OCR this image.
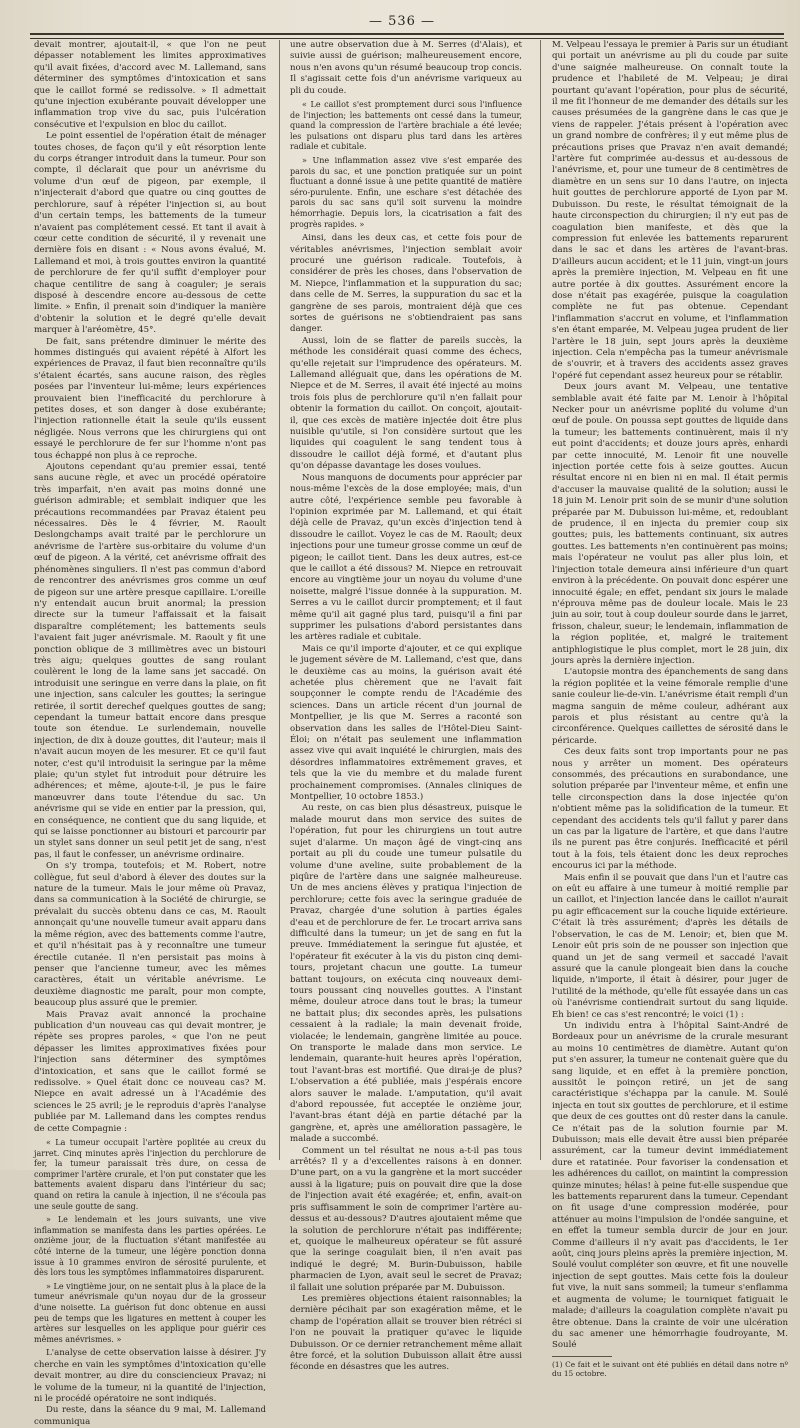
— 536 —

devait montrer, ajoutait-il, « que l'on ne peut dépasser notablement les limites approximatives qu'il avait fixées, d'accord avec M. Lallemand, sans déterminer des symptômes d'intoxication et sans que le caillot formé se redissolve. » Il admettait qu'une injection exubérante pouvait développer une inflammation trop vive du sac, puis l'ulcération consécutive et l'expulsion en bloc du caillot.

Le point essentiel de l'opération était de ménager toutes choses, de façon qu'il y eût résorption lente du corps étranger introduit dans la tumeur. Pour son compte, il déclarait que pour un anévrisme du volume d'un œuf de pigeon, par exemple, il n'injecterait d'abord que quatre ou cinq gouttes de perchlorure, sauf à répéter l'injection si, au bout d'un certain temps, les battements de la tumeur n'avaient pas complétement cessé. Et tant il avait à cœur cette condition de sécurité, il y revenait une dernière fois en disant : « Nous avons évalué, M. Lallemand et moi, à trois gouttes environ la quantité de perchlorure de fer qu'il suffit d'employer pour chaque centilitre de sang à coaguler; je serais disposé à descendre encore au-dessous de cette limite. » Enfin, il prenait soin d'indiquer la manière d'obtenir la solution et le degré qu'elle devait marquer à l'aréomètre, 45°.

De fait, sans prétendre diminuer le mérite des hommes distingués qui avaient répété à Alfort les expériences de Pravaz, il faut bien reconnaître qu'ils s'étaient écartés, sans aucune raison, des règles posées par l'inventeur lui-même; leurs expériences prouvaient bien l'inefficacité du perchlorure à petites doses, et son danger à dose exubérante; l'injection rationnelle était la seule qu'ils eussent négligée. Nous verrons que les chirurgiens qui ont essayé le perchlorure de fer sur l'homme n'ont pas tous échappé non plus à ce reproche.

Ajoutons cependant qu'au premier essai, tenté sans aucune règle, et avec un procédé opératoire très imparfait, n'en avait pas moins donné une guérison admirable; et semblait indiquer que les précautions recommandées par Pravaz étaient peu nécessaires. Dès le 4 février, M. Raoult Deslongchamps avait traité par le perchlorure un anévrisme de l'artère sus-orbitaire du volume d'un œuf de pigeon. A la vérité, cet anévrisme offrait des phénomènes singuliers. Il n'est pas commun d'abord de rencontrer des anévrismes gros comme un œuf de pigeon sur une artère presque capillaire. L'oreille n'y entendait aucun bruit anormal; la pression directe sur la tumeur l'affaissait et la faisait disparaître complétement; les battements seuls l'avaient fait juger anévrismale. M. Raoult y fit une ponction oblique de 3 millimètres avec un bistouri très aigu; quelques gouttes de sang roulant coulèrent le long de la lame sans jet saccadé. On introduisit une seringue en verre dans la plaie, on fit une injection, sans calculer les gouttes; la seringue retirée, il sortit derechef quelques gouttes de sang; cependant la tumeur battait encore dans presque toute son étendue. Le surlendemain, nouvelle injection, de dix à douze gouttes, dit l'auteur; mais il n'avait aucun moyen de les mesurer. Et ce qu'il faut noter, c'est qu'il introduisit la seringue par la même plaie; qu'un stylet fut introduit pour détruire les adhérences; et même, ajoute-t-il, je pus le faire manœuvrer dans toute l'étendue du sac. Un anévrisme qui se vide en entier par la pression, qui, en conséquence, ne contient que du sang liquide, et qui se laisse ponctionner au bistouri et parcourir par un stylet sans donner un seul petit jet de sang, n'est pas, il faut le confesser, un anévrisme ordinaire.

On s'y trompa, toutefois; et M. Robert, notre collègue, fut seul d'abord à élever des doutes sur la nature de la tumeur. Mais le jour même où Pravaz, dans sa communication à la Société de chirurgie, se prévalait du succès obtenu dans ce cas, M. Raoult annonçait qu'une nouvelle tumeur avait apparu dans la même région, avec des battements comme l'autre, et qu'il n'hésitait pas à y reconnaître une tumeur érectile cutanée. Il n'en persistait pas moins à penser que l'ancienne tumeur, avec les mêmes caractères, était un véritable anévrisme. Le deuxième diagnostic me paraît, pour mon compte, beaucoup plus assuré que le premier.

Mais Pravaz avait annoncé la prochaine publication d'un nouveau cas qui devait montrer, je répète ses propres paroles, « que l'on ne peut dépasser les limites approximatives fixées pour l'injection sans déterminer des symptômes d'intoxication, et sans que le caillot formé se redissolve. » Quel était donc ce nouveau cas? M. Niepce en avait adressé un à l'Académie des sciences le 25 avril; je le reproduis d'après l'analyse publiée par M. Lallemand dans les comptes rendus de cette Compagnie :

« La tumeur occupait l'artère poplitée au creux du jarret. Cinq minutes après l'injection du perchlorure de fer, la tumeur paraissait très dure, on cessa de comprimer l'artère crurale, et l'on put constater que les battements avaient disparu dans l'intérieur du sac; quand on retira la canule à injection, il ne s'écoula pas une seule goutte de sang.

» Le lendemain et les jours suivants, une vive inflammation se manifesta dans les parties opérées. Le onzième jour, de la fluctuation s'étant manifestée au côté interne de la tumeur, une légère ponction donna issue à 10 grammes environ de sérosité purulente, et dès lors tous les symptômes inflammatoires disparurent.

» Le vingtième jour, on ne sentait plus à la place de la tumeur anévrismale qu'un noyau dur de la grosseur d'une noisette. La guérison fut donc obtenue en aussi peu de temps que les ligatures en mettent à couper les artères sur lesquelles on les applique pour guérir ces mêmes anévrismes. »

L'analyse de cette observation laisse à désirer. J'y cherche en vain les symptômes d'intoxication qu'elle devait montrer, au dire du consciencieux Pravaz; ni le volume de la tumeur, ni la quantité de l'injection, ni le procédé opératoire ne sont indiqués.

Du reste, dans la séance du 9 mai, M. Lallemand communiqua

une autre observation due à M. Serres (d'Alais), et suivie aussi de guérison; malheureusement encore, nous n'en avons qu'un résumé beaucoup trop concis. Il s'agissait cette fois d'un anévrisme variqueux au pli du coude.

« Le caillot s'est promptement durci sous l'influence de l'injection; les battements ont cessé dans la tumeur, quand la compression de l'artère brachiale a été levée; les pulsations ont disparu plus tard dans les artères radiale et cubitale.

» Une inflammation assez vive s'est emparée des parois du sac, et une ponction pratiquée sur un point fluctuant a donné issue à une petite quantité de matière séro-purulente. Enfin, une eschare s'est détachée des parois du sac sans qu'il soit survenu la moindre hémorrhagie. Depuis lors, la cicatrisation a fait des progrès rapides. »

Ainsi, dans les deux cas, et cette fois pour de véritables anévrismes, l'injection semblait avoir procuré une guérison radicale. Toutefois, à considérer de près les choses, dans l'observation de M. Niepce, l'inflammation et la suppuration du sac; dans celle de M. Serres, la suppuration du sac et la gangrène de ses parois, montraient déjà que ces sortes de guérisons ne s'obtiendraient pas sans danger.

Aussi, loin de se flatter de pareils succès, la méthode les considérait quasi comme des échecs, qu'elle rejetait sur l'imprudence des opérateurs. M. Lallemand alléguait que, dans les opérations de M. Niepce et de M. Serres, il avait été injecté au moins trois fois plus de perchlorure qu'il n'en fallait pour obtenir la formation du caillot. On conçoit, ajoutait-il, que ces excès de matière injectée doit être plus nuisible qu'utile, si l'on considère surtout que les liquides qui coagulent le sang tendent tous à dissoudre le caillot déjà formé, et d'autant plus qu'on dépasse davantage les doses voulues.

Nous manquons de documents pour apprécier par nous-même l'excès de la dose employée; mais, d'un autre côté, l'expérience semble peu favorable à l'opinion exprimée par M. Lallemand, et qui était déjà celle de Pravaz, qu'un excès d'injection tend à dissoudre le caillot. Voyez le cas de M. Raoult; deux injections pour une tumeur grosse comme un œuf de pigeon; le caillot tient. Dans les deux autres, est-ce que le caillot a été dissous? M. Niepce en retrouvait encore au vingtième jour un noyau du volume d'une noisette, malgré l'issue donnée à la suppuration. M. Serres a vu le caillot durcir promptement; et il faut même qu'il ait gagné plus tard, puisqu'il a fini par supprimer les pulsations d'abord persistantes dans les artères radiale et cubitale.

Mais ce qu'il importe d'ajouter, et ce qui explique le jugement sévère de M. Lallemand, c'est que, dans le deuxième cas au moins, la guérison avait été achetée plus chèrement que ne l'avait fait soupçonner le compte rendu de l'Académie des sciences. Dans un article récent d'un journal de Montpellier, je lis que M. Serres a raconté son observation dans les salles de l'Hôtel-Dieu Saint-Éloi; on n'était pas seulement une inflammation assez vive qui avait inquiété le chirurgien, mais des désordres inflammatoires extrêmement graves, et tels que la vie du membre et du malade furent prochainement compromises. (Annales cliniques de Montpellier, 10 octobre 1853.)

Au reste, on cas bien plus désastreux, puisque le malade mourut dans mon service des suites de l'opération, fut pour les chirurgiens un tout autre sujet d'alarme. Un maçon âgé de vingt-cinq ans portait au pli du coude une tumeur pulsatile du volume d'une aveline, suite probablement de la piqûre de l'artère dans une saignée malheureuse. Un de mes anciens élèves y pratiqua l'injection de perchlorure; cette fois avec la seringue graduée de Pravaz, chargée d'une solution à parties égales d'eau et de perchlorure de fer. Le trocart arriva sans difficulté dans la tumeur; un jet de sang en fut la preuve. Immédiatement la seringue fut ajustée, et l'opérateur fit exécuter à la vis du piston cinq demi-tours, projetant chacun une goutte. La tumeur battant toujours, on exécuta cinq nouveaux demi-tours poussant cinq nouvelles gouttes. A l'instant même, douleur atroce dans tout le bras; la tumeur ne battait plus; dix secondes après, les pulsations cessaient à la radiale; la main devenait froide, violacée; le lendemain, gangrène limitée au pouce. On transporte le malade dans mon service. Le lendemain, quarante-huit heures après l'opération, tout l'avant-bras est mortifié. Que dirai-je de plus? L'observation a été publiée, mais j'espérais encore alors sauver le malade. L'amputation, qu'il avait d'abord repoussée, fut acceptée le onzième jour, l'avant-bras étant déjà en partie détaché par la gangrène, et, après une amélioration passagère, le malade a succombé.

Comment un tel résultat ne nous a-t-il pas tous arrêtés? Il y a d'excellentes raisons à en donner. D'une part, on a vu la gangrène et la mort succéder aussi à la ligature; puis on pouvait dire que la dose de l'injection avait été exagérée; et, enfin, avait-on pris suffisamment le soin de comprimer l'artère au-dessus et au-dessous? D'autres ajoutaient même que la solution de perchlorure n'était pas indifférente; et, quoique le malheureux opérateur se fût assuré que la seringe coagulait bien, il n'en avait pas indiqué le degré; M. Burin-Dubuisson, habile pharmacien de Lyon, avait seul le secret de Pravaz; il fallait une solution préparée par M. Dubuisson.

Les premières objections étaient raisonnables; la dernière pécihait par son exagération même, et le champ de l'opération allait se trouver bien rétréci si l'on ne pouvait la pratiquer qu'avec le liquide Dubuisson. Or ce dernier retranchement même allait être forcé, et la solution Dubuisson allait être aussi féconde en désastres que les autres.

M. Velpeau l'essaya le premier à Paris sur un étudiant qui portait un anévrisme au pli du coude par suite d'une saignée malheureuse. On connaît toute la prudence et l'habileté de M. Velpeau; je dirai pourtant qu'avant l'opération, pour plus de sécurité, il me fit l'honneur de me demander des détails sur les causes présumées de la gangrène dans le cas que je viens de rappeler. J'étais présent à l'opération avec un grand nombre de confrères; il y eut même plus de précautions prises que Pravaz n'en avait demandé; l'artère fut comprimée au-dessus et au-dessous de l'anévrisme, et, pour une tumeur de 8 centimètres de diamètre en un sens sur 10 dans l'autre, on injecta huit gouttes de perchlorure apporté de Lyon par M. Dubuisson. Du reste, le résultat témoignait de la haute circonspection du chirurgien; il n'y eut pas de coagulation bien manifeste, et dès que la compression fut enlevée les battements reparurent dans le sac et dans les artères de l'avant-bras. D'ailleurs aucun accident; et le 11 juin, vingt-un jours après la première injection, M. Velpeau en fit une autre portée à dix gouttes. Assurément encore la dose n'était pas exagérée, puisque la coagulation complète ne fut pas obtenue. Cependant l'inflammation s'accrut en volume, et l'inflammation s'en étant emparée, M. Velpeau jugea prudent de lier l'artère le 18 juin, sept jours après la deuxième injection. Cela n'empêcha pas la tumeur anévrismale de s'ouvrir, et à travers des accidents assez graves l'opéré fut cependant assez heureux pour se rétablir.

Deux jours avant M. Velpeau, une tentative semblable avait été faite par M. Lenoir à l'hôpital Necker pour un anévrisme poplité du volume d'un œuf de poule. On poussa sept gouttes de liquide dans la tumeur; les battements continuèrent, mais il n'y eut point d'accidents; et douze jours après, enhardi par cette innocuité, M. Lenoir fit une nouvelle injection portée cette fois à seize gouttes. Aucun résultat encore ni en bien ni en mal. Il était permis d'accuser la mauvaise qualité de la solution; aussi le 18 juin M. Lenoir prit soin de se munir d'une solution préparée par M. Dubuisson lui-même, et, redoublant de prudence, il en injecta du premier coup six gouttes; puis, les battements continuant, six autres gouttes. Les battements n'en continuèrent pas moins; mais l'opérateur ne voulut pas aller plus loin, et l'injection totale demeura ainsi inférieure d'un quart environ à la précédente. On pouvait donc espérer une innocuité égale; en effet, pendant six jours le malade n'éprouva même pas de douleur locale. Mais le 23 juin au soir, tout à coup douleur sourde dans le jarret, frisson, chaleur, sueur; le lendemain, inflammation de la région poplitée, et, malgré le traitement antiphlogistique le plus complet, mort le 28 juin, dix jours après la dernière injection.

L'autopsie montra des épanchements de sang dans la région poplitée et la veine fémorale remplie d'une sanie couleur lie-de-vin. L'anévrisme était rempli d'un magma sanguin de même couleur, adhérant aux parois et plus résistant au centre qu'à la circonférence. Quelques caillettes de sérosité dans le péricarde.

Ces deux faits sont trop importants pour ne pas nous y arrêter un moment. Des opérateurs consommés, des précautions en surabondance, une solution préparée par l'inventeur même, et enfin une telle circonspection dans la dose injectée qu'on n'obtient même pas la solidification de la tumeur. Et cependant des accidents tels qu'il fallut y parer dans un cas par la ligature de l'artère, et que dans l'autre ils ne purent pas être conjurés. Inefficacité et péril tout à la fois, tels étaient donc les deux reproches encourus ici par la méthode.

Mais enfin il se pouvait que dans l'un et l'autre cas on eût eu affaire à une tumeur à moitié remplie par un caillot, et l'injection lancée dans le caillot n'aurait pu agir efficacement sur la couche liquide extérieure. C'était là très assurément; d'après les détails de l'observation, le cas de M. Lenoir; et, bien que M. Lenoir eût pris soin de ne pousser son injection que quand un jet de sang vermeil et saccadé l'avait assuré que la canule plongeait bien dans la couche liquide, n'importe, il était à désirer, pour juger de l'utilité de la méthode, qu'elle fût essayée dans un cas où l'anévrisme contiendrait surtout du sang liquide. Eh bien! ce cas s'est rencontré; le voici (1) :

Un individu entra à l'hôpital Saint-André de Bordeaux pour un anévrisme de la crurale mesurant au moins 10 centimètres de diamètre. Autant qu'on put s'en assurer, la tumeur ne contenait guère que du sang liquide, et en effet à la première ponction, aussitôt le poinçon retiré, un jet de sang caractéristique s'échappa par la canule. M. Soulé injecta en tout six gouttes de perchlorure, et il estime que deux de ces gouttes ont dû rester dans la canule. Ce n'était pas de la solution fournie par M. Dubuisson; mais elle devait être aussi bien préparée assurément, car la tumeur devint immédiatement dure et ratatinée. Pour favoriser la condensation et les adhérences du caillot, on maintint la compression quinze minutes; hélas! à peine fut-elle suspendue que les battements reparurent dans la tumeur. Cependant on fit usage d'une compression modérée, pour atténuer au moins l'impulsion de l'ondée sanguine, et en effet la tumeur sembla durcir de jour en jour. Comme d'ailleurs il n'y avait pas d'accidents, le 1er août, cinq jours pleins après la première injection, M. Soulé voulut compléter son œuvre, et fit une nouvelle injection de sept gouttes. Mais cette fois la douleur fut vive, la nuit sans sommeil; la tumeur s'enflamma et augmenta de volume; le tourniquet fatiguait le malade; d'ailleurs la coagulation complète n'avait pu être obtenue. Dans la crainte de voir une ulcération du sac amener une hémorrhagie foudroyante, M. Soulé

(1) Ce fait et le suivant ont été publiés en détail dans notre nº du 15 octobre.
